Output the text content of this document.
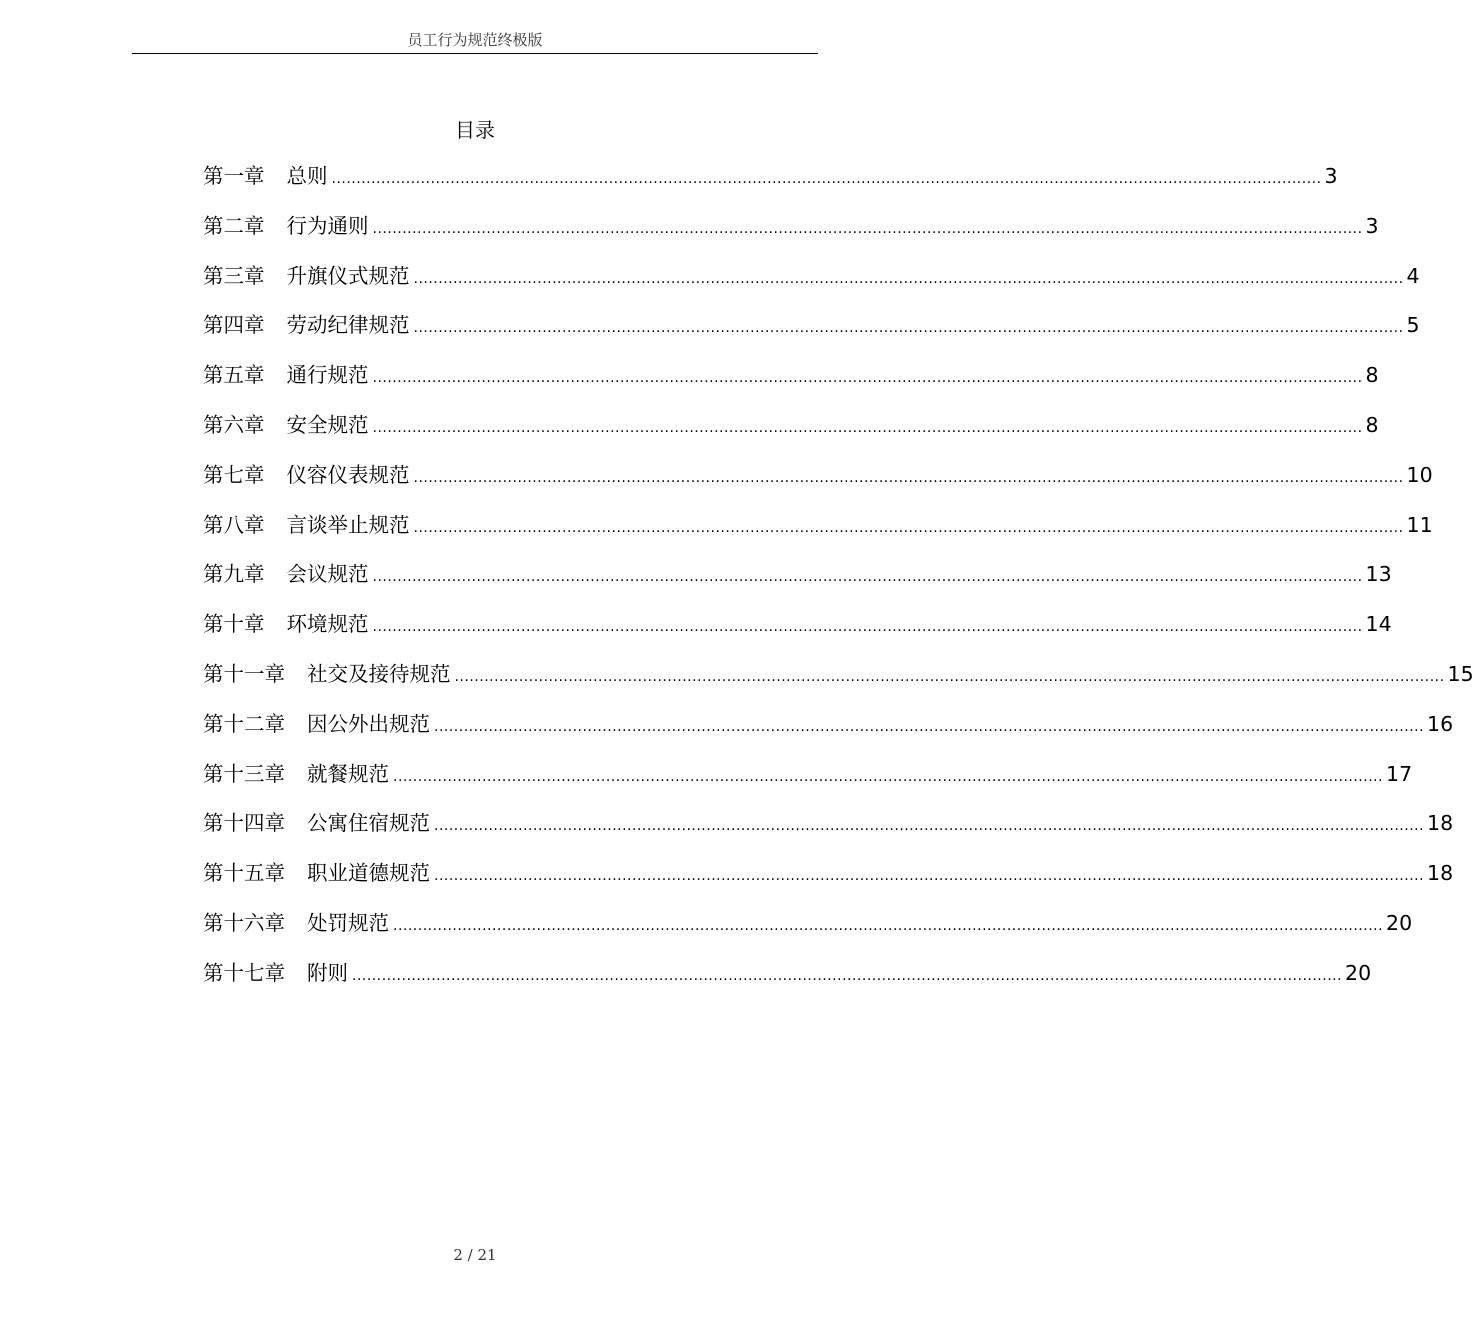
员工行为规范终极版
目录
第一章 总则 ........................................................................................................................................................................................................ 3
第二章 行为通则 ........................................................................................................................................................................................................ 3
第三章 升旗仪式规范 ........................................................................................................................................................................................................ 4
第四章 劳动纪律规范 ........................................................................................................................................................................................................ 5
第五章 通行规范 ........................................................................................................................................................................................................ 8
第六章 安全规范 ........................................................................................................................................................................................................ 8
第七章 仪容仪表规范 ........................................................................................................................................................................................................ 10
第八章 言谈举止规范 ........................................................................................................................................................................................................ 11
第九章 会议规范 ........................................................................................................................................................................................................ 13
第十章 环境规范 ........................................................................................................................................................................................................ 14
第十一章 社交及接待规范 ........................................................................................................................................................................................................ 15
第十二章 因公外出规范 ........................................................................................................................................................................................................ 16
第十三章 就餐规范 ........................................................................................................................................................................................................ 17
第十四章 公寓住宿规范 ........................................................................................................................................................................................................ 18
第十五章 职业道德规范 ........................................................................................................................................................................................................ 18
第十六章 处罚规范 ........................................................................................................................................................................................................ 20
第十七章 附则 ........................................................................................................................................................................................................ 20
2 / 21
